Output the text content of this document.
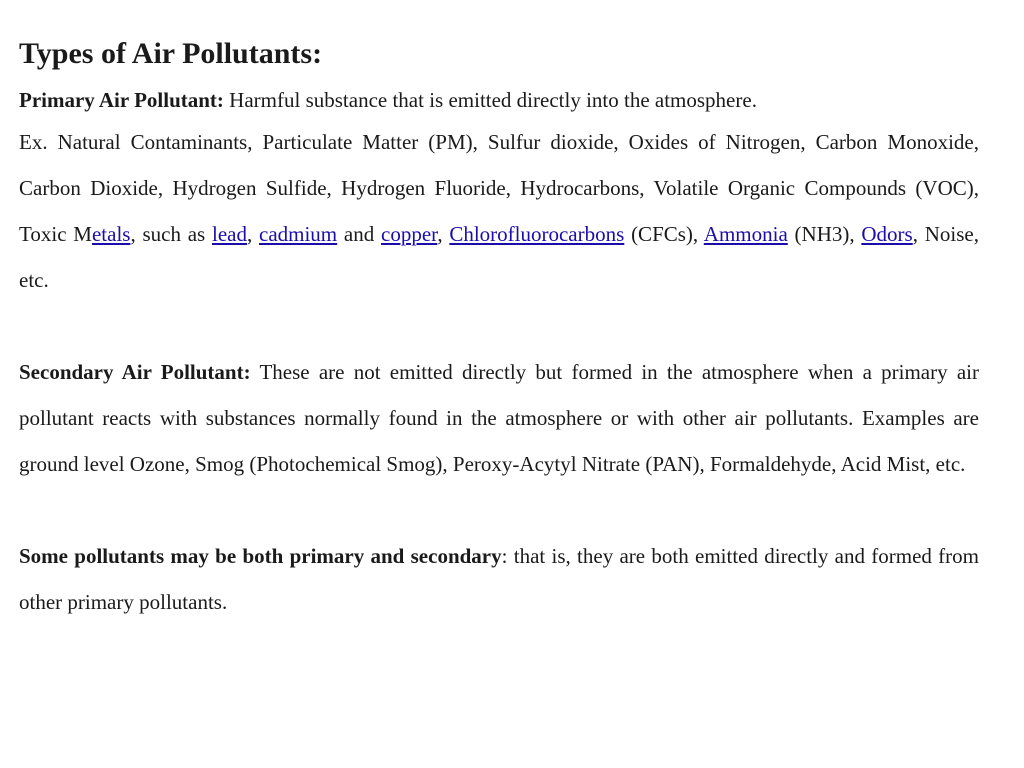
Types of Air Pollutants:

Primary Air Pollutant: Harmful substance that is emitted directly into the atmosphere.

Ex. Natural Contaminants, Particulate Matter (PM), Sulfur dioxide, Oxides of Nitrogen, Carbon Monoxide, Carbon Dioxide, Hydrogen Sulfide, Hydrogen Fluoride, Hydrocarbons, Volatile Organic Compounds (VOC), Toxic Metals, such as lead, cadmium and copper, Chlorofluorocarbons (CFCs), Ammonia (NH3), Odors, Noise, etc.

Secondary Air Pollutant: These are not emitted directly but formed in the atmosphere when a primary air pollutant reacts with substances normally found in the atmosphere or with other air pollutants. Examples are ground level Ozone, Smog (Photochemical Smog), Peroxy-Acytyl Nitrate (PAN), Formaldehyde, Acid Mist, etc.

Some pollutants may be both primary and secondary: that is, they are both emitted directly and formed from other primary pollutants.
